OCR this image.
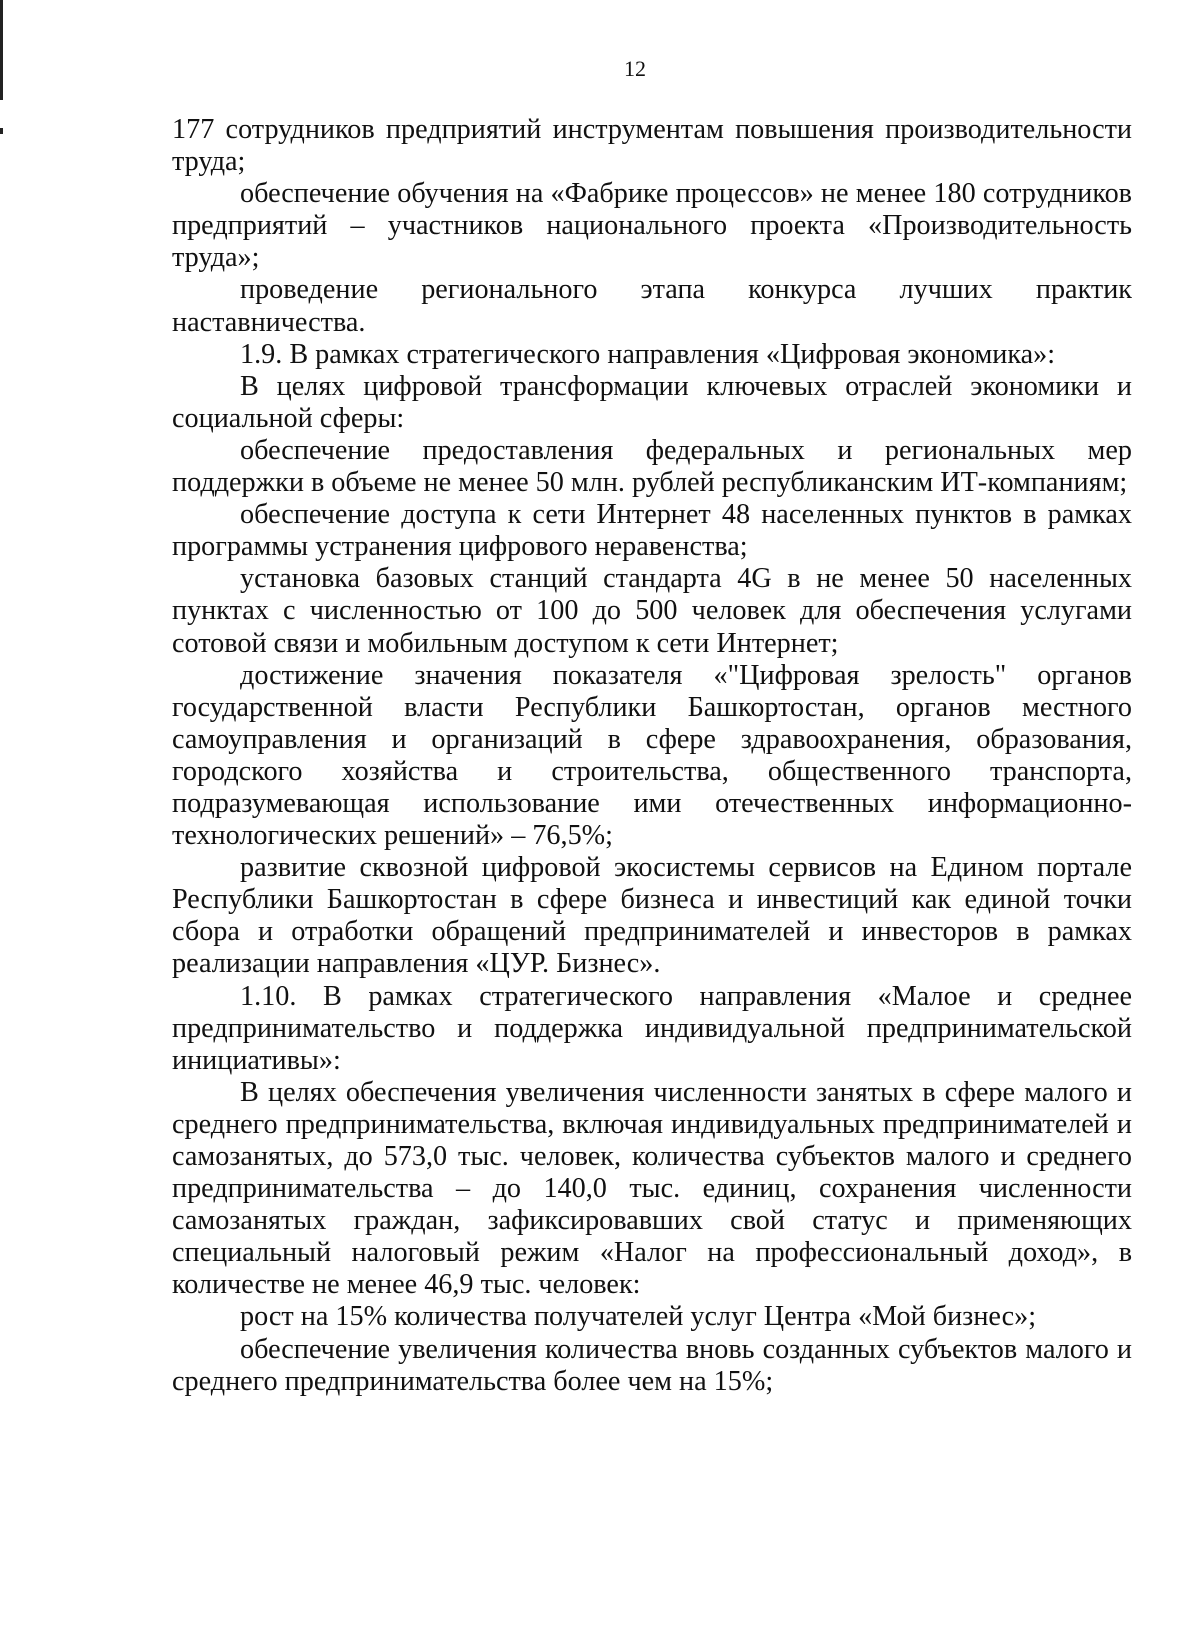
12

177 сотрудников предприятий инструментам повышения производительности труда;

обеспечение обучения на «Фабрике процессов» не менее 180 сотрудников предприятий – участников национального проекта «Производительность труда»;

проведение регионального этапа конкурса лучших практик наставничества.

1.9. В рамках стратегического направления «Цифровая экономика»:

В целях цифровой трансформации ключевых отраслей экономики и социальной сферы:

обеспечение предоставления федеральных и региональных мер поддержки в объеме не менее 50 млн. рублей республиканским ИТ-компаниям;

обеспечение доступа к сети Интернет 48 населенных пунктов в рамках программы устранения цифрового неравенства;

установка базовых станций стандарта 4G в не менее 50 населенных пунктах с численностью от 100 до 500 человек для обеспечения услугами сотовой связи и мобильным доступом к сети Интернет;

достижение значения показателя «"Цифровая зрелость" органов государственной власти Республики Башкортостан, органов местного самоуправления и организаций в сфере здравоохранения, образования, городского хозяйства и строительства, общественного транспорта, подразумевающая использование ими отечественных информационно-технологических решений» – 76,5%;

развитие сквозной цифровой экосистемы сервисов на Едином портале Республики Башкортостан в сфере бизнеса и инвестиций как единой точки сбора и отработки обращений предпринимателей и инвесторов в рамках реализации направления «ЦУР. Бизнес».

1.10. В рамках стратегического направления «Малое и среднее предпринимательство и поддержка индивидуальной предпринимательской инициативы»:

В целях обеспечения увеличения численности занятых в сфере малого и среднего предпринимательства, включая индивидуальных предпринимателей и самозанятых, до 573,0 тыс. человек, количества субъектов малого и среднего предпринимательства – до 140,0 тыс. единиц, сохранения численности самозанятых граждан, зафиксировавших свой статус и применяющих специальный налоговый режим «Налог на профессиональный доход», в количестве не менее 46,9 тыс. человек:

рост на 15% количества получателей услуг Центра «Мой бизнес»;

обеспечение увеличения количества вновь созданных субъектов малого и среднего предпринимательства более чем на 15%;
